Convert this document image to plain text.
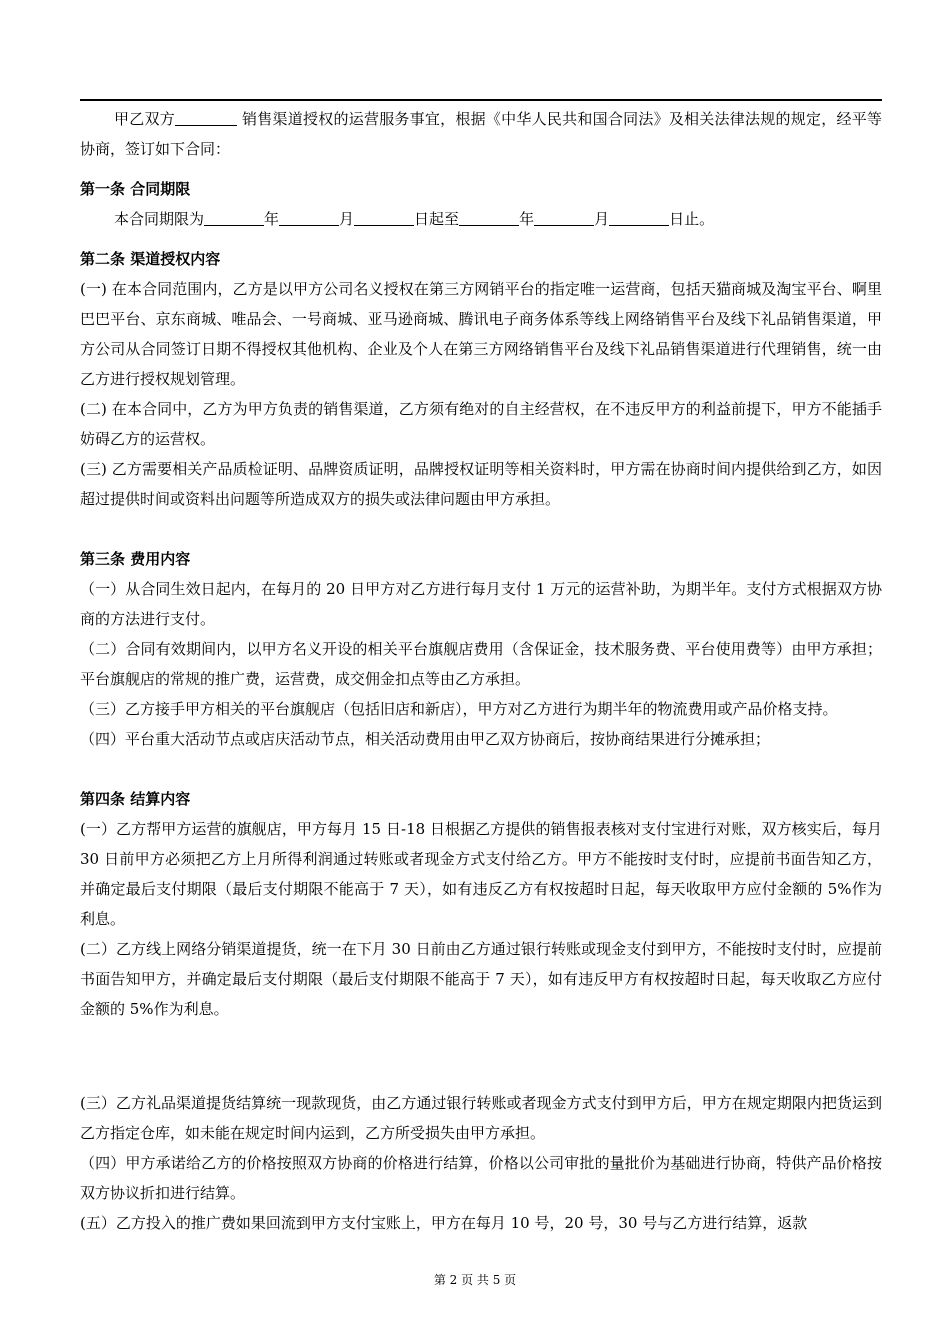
甲乙双方	销售渠道授权的运营服务事宜，根据《中华人民共和国合同法》及相关法律法规的规定，经平等协商，签订如下合同：

第一条 合同期限

本合同期限为	年	月	日起至	年	月	日止。

第二条 渠道授权内容

(一) 在本合同范围内，乙方是以甲方公司名义授权在第三方网销平台的指定唯一运营商，包括天猫商城及淘宝平台、啊里巴巴平台、京东商城、唯品会、一号商城、亚马逊商城、腾讯电子商务体系等线上网络销售平台及线下礼品销售渠道，甲方公司从合同签订日期不得授权其他机构、企业及个人在第三方网络销售平台及线下礼品销售渠道进行代理销售，统一由乙方进行授权规划管理。

(二) 在本合同中，乙方为甲方负责的销售渠道，乙方须有绝对的自主经营权，在不违反甲方的利益前提下，甲方不能插手妨碍乙方的运营权。

(三) 乙方需要相关产品质检证明、品牌资质证明，品牌授权证明等相关资料时，甲方需在协商时间内提供给到乙方，如因超过提供时间或资料出问题等所造成双方的损失或法律问题由甲方承担。

第三条 费用内容

（一）从合同生效日起内，在每月的 20 日甲方对乙方进行每月支付 1 万元的运营补助，为期半年。支付方式根据双方协商的方法进行支付。

（二）合同有效期间内，以甲方名义开设的相关平台旗舰店费用（含保证金，技术服务费、平台使用费等）由甲方承担；平台旗舰店的常规的推广费，运营费，成交佣金扣点等由乙方承担。

（三）乙方接手甲方相关的平台旗舰店（包括旧店和新店），甲方对乙方进行为期半年的物流费用或产品价格支持。

（四）平台重大活动节点或店庆活动节点，相关活动费用由甲乙双方协商后，按协商结果进行分摊承担；

第四条 结算内容

(一）乙方帮甲方运营的旗舰店，甲方每月 15 日-18 日根据乙方提供的销售报表核对支付宝进行对账，双方核实后，每月 30 日前甲方必须把乙方上月所得利润通过转账或者现金方式支付给乙方。甲方不能按时支付时，应提前书面告知乙方，并确定最后支付期限（最后支付期限不能高于 7 天），如有违反乙方有权按超时日起，每天收取甲方应付金额的 5%作为利息。

(二）乙方线上网络分销渠道提货，统一在下月 30 日前由乙方通过银行转账或现金支付到甲方，不能按时支付时，应提前书面告知甲方，并确定最后支付期限（最后支付期限不能高于 7 天），如有违反甲方有权按超时日起，每天收取乙方应付金额的 5%作为利息。

(三）乙方礼品渠道提货结算统一现款现货，由乙方通过银行转账或者现金方式支付到甲方后，甲方在规定期限内把货运到乙方指定仓库，如未能在规定时间内运到，乙方所受损失由甲方承担。

（四）甲方承诺给乙方的价格按照双方协商的价格进行结算，价格以公司审批的量批价为基础进行协商，特供产品价格按双方协议折扣进行结算。

(五）乙方投入的推广费如果回流到甲方支付宝账上，甲方在每月 10 号，20 号，30 号与乙方进行结算，返款

第 2 页 共 5 页
